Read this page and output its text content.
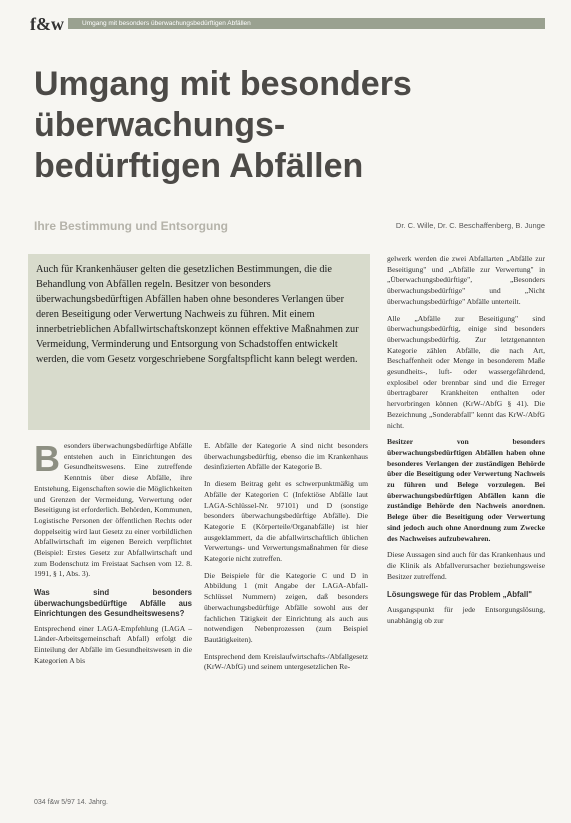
f&w	Umgang mit besonders überwachungsbedürftigen Abfällen
Umgang mit besonders überwachungs-bedürftigen Abfällen
Ihre Bestimmung und Entsorgung	Dr. C. Wille, Dr. C. Beschaffenberg, B. Junge
Auch für Krankenhäuser gelten die gesetzlichen Bestimmungen, die die Behandlung von Abfällen regeln. Besitzer von besonders überwachungsbedürftigen Abfällen haben ohne besonderes Verlangen über deren Beseitigung oder Verwertung Nachweis zu führen. Mit einem innerbetrieblichen Abfallwirtschaftskonzept können effektive Maßnahmen zur Vermeidung, Verminderung und Entsorgung von Schadstoffen entwickelt werden, die vom Gesetz vorgeschriebene Sorgfaltspflicht kann belegt werden.

Besonders überwachungsbedürftige Abfälle entstehen auch in Einrichtungen des Gesundheitswesens. Eine zutreffende Kenntnis über diese Abfälle, ihre Entstehung, Eigenschaften sowie die Möglichkeiten und Grenzen der Vermeidung, Verwertung oder Beseitigung ist erforderlich. Behörden, Kommunen, Logistische Personen der öffentlichen Rechts oder doppelseitig wird laut Gesetz zu einer vorbildlichen Abfallwirtschaft im eigenen Bereich verpflichtet (Beispiel: Erstes Gesetz zur Abfallwirtschaft und zum Bodenschutz im Freistaat Sachsen vom 12. 8. 1991, § 1, Abs. 3).

Was sind besonders überwachungsbedürftige Abfälle aus Einrichtungen des Gesundheitswesens?

Entsprechend einer LAGA-Empfehlung (LAGA – Länder-Arbeitsgemeinschaft Abfall) erfolgt die Einteilung der Abfälle im Gesundheitswesen in die Kategorien A bis

E. Abfälle der Kategorie A sind nicht besonders überwachungsbedürftig, ebenso die im Krankenhaus desinfizierten Abfälle der Kategorie B.

In diesem Beitrag geht es schwerpunktmäßig um Abfälle der Kategorien C (Infektiöse Abfälle laut LAGA-Schlüssel-Nr. 97101) und D (sonstige besonders überwachungsbedürftige Abfälle). Die Kategorie E (Körperteile/Organabfälle) ist hier ausgeklammert, da die abfallwirtschaftlich üblichen Verwertungs- und Verwertungsmaßnahmen für diese Kategorie nicht zutreffen.

Die Beispiele für die Kategorie C und D in Abbildung 1 (mit Angabe der LAGA-Abfall-Schlüssel Nummern) zeigen, daß besonders überwachungsbedürftige Abfälle sowohl aus der fachlichen Tätigkeit der Einrichtung als auch aus notwendigen Nebenprozessen (zum Beispiel Bautätigkeiten).

Entsprechend dem Kreislaufwirtschafts-/Abfallgesetz (KrW-/AbfG) und seinem untergesetzlichen Re-

gelwerk werden die zwei Abfallarten „Abfälle zur Beseitigung" und „Abfälle zur Verwertung" in „Überwachungsbedürftige", „Besonders überwachungsbedürftige" und „Nicht überwachungsbedürftige" Abfälle unterteilt.

Alle „Abfälle zur Beseitigung" sind überwachungsbedürftig, einige sind besonders überwachungsbedürftig. Zur letztgenannten Kategorie zählen Abfälle, die nach Art, Beschaffenheit oder Menge in besonderem Maße gesundheits-, luft- oder wassergefährdend, explosibel oder brennbar sind und die Erreger übertragbarer Krankheiten enthalten oder hervorbringen können (KrW-/AbfG § 41). Die Bezeichnung „Sonderabfall" kennt das KrW-/AbfG nicht.

Besitzer von besonders überwachungsbedürftigen Abfällen haben ohne besonderes Verlangen der zuständigen Behörde über die Beseitigung oder Verwertung Nachweis zu führen und Belege vorzulegen. Bei überwachungsbedürftigen Abfällen kann die zuständige Behörde den Nachweis anordnen. Belege über die Beseitigung oder Verwertung sind jedoch auch ohne Anordnung zum Zwecke des Nachweises aufzubewahren.

Diese Aussagen sind auch für das Krankenhaus und die Klinik als Abfallverursacher beziehungsweise Besitzer zutreffend.

Lösungswege für das Problem „Abfall"

Ausgangspunkt für jede Entsorgungslösung, unabhängig ob zur

034 f&w 5/97 14. Jahrg.
